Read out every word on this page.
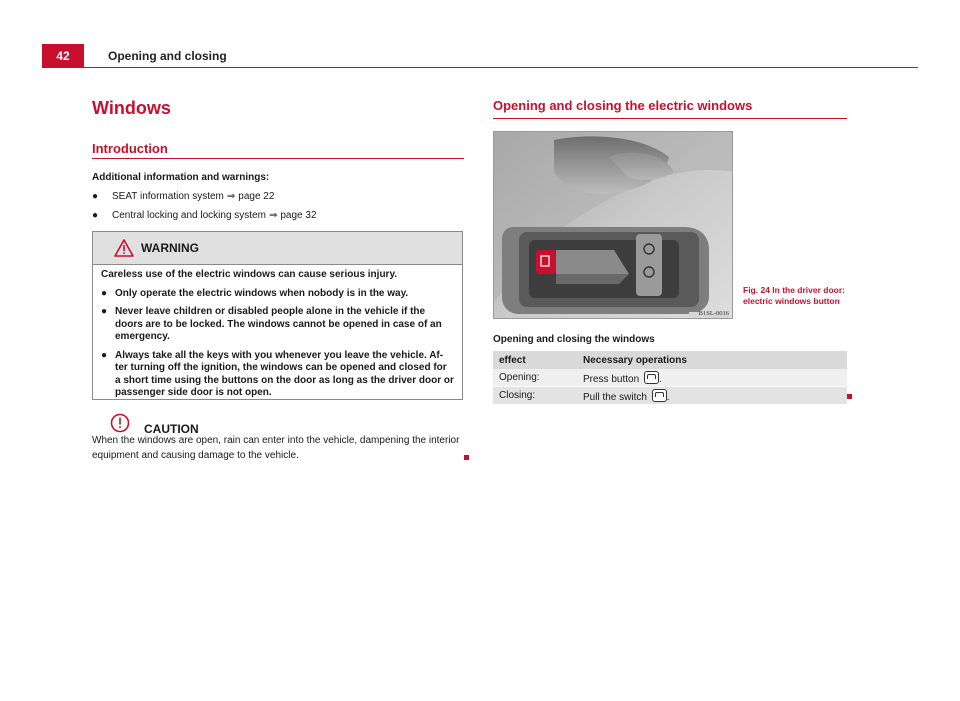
42	Opening and closing
Windows
Introduction
Additional information and warnings:
●	SEAT information system ⇒ page 22
●	Central locking and locking system ⇒ page 32
WARNING

Careless use of the electric windows can cause serious injury.

● Only operate the electric windows when nobody is in the way.

● Never leave children or disabled people alone in the vehicle if the doors are to be locked. The windows cannot be opened in case of an emergency.

● Always take all the keys with you whenever you leave the vehicle. Af-ter turning off the ignition, the windows can be opened and closed for a short time using the buttons on the door as long as the driver door or passenger side door is not open.

CAUTION
When the windows are open, rain can enter into the vehicle, dampening the interior equipment and causing damage to the vehicle.
Opening and closing the electric windows
B1SL-0016
Fig. 24 In the driver door: electric windows button
Opening and closing the windows
effect	Necessary operations
Opening:	Press button .
Closing:	Pull the switch .
